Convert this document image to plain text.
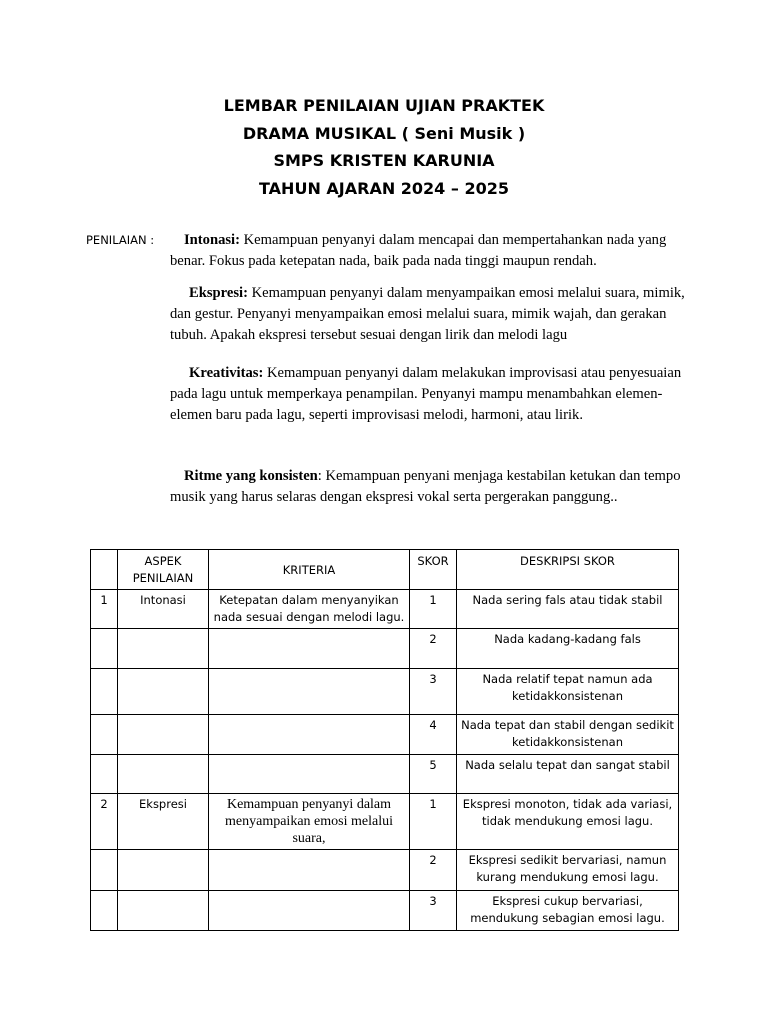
LEMBAR PENILAIAN UJIAN PRAKTEK
DRAMA MUSIKAL ( Seni Musik )
SMPS KRISTEN KARUNIA
TAHUN AJARAN 2024 – 2025
PENILAIAN :	Intonasi: Kemampuan penyanyi dalam mencapai dan mempertahankan nada yang benar. Fokus pada ketepatan nada, baik pada nada tinggi maupun rendah.
Ekspresi: Kemampuan penyanyi dalam menyampaikan emosi melalui suara, mimik, dan gestur. Penyanyi menyampaikan emosi melalui suara, mimik wajah, dan gerakan tubuh. Apakah ekspresi tersebut sesuai dengan lirik dan melodi lagu
Kreativitas: Kemampuan penyanyi dalam melakukan improvisasi atau penyesuaian pada lagu untuk memperkaya penampilan. Penyanyi mampu menambahkan elemen-elemen baru pada lagu, seperti improvisasi melodi, harmoni, atau lirik.
Ritme yang konsisten: Kemampuan penyani menjaga kestabilan ketukan dan tempo musik yang harus selaras dengan ekspresi vokal serta pergerakan panggung..
	ASPEK PENILAIAN	KRITERIA	SKOR	DESKRIPSI SKOR
1	Intonasi	Ketepatan dalam menyanyikan nada sesuai dengan melodi lagu.	1	Nada sering fals atau tidak stabil
			2	Nada kadang-kadang fals
			3	Nada relatif tepat namun ada ketidakkonsistenan
			4	Nada tepat dan stabil dengan sedikit ketidakkonsistenan
			5	Nada selalu tepat dan sangat stabil
2	Ekspresi	Kemampuan penyanyi dalam menyampaikan emosi melalui suara,	1	Ekspresi monoton, tidak ada variasi, tidak mendukung emosi lagu.
			2	Ekspresi sedikit bervariasi, namun kurang mendukung emosi lagu.
			3	Ekspresi cukup bervariasi, mendukung sebagian emosi lagu.
